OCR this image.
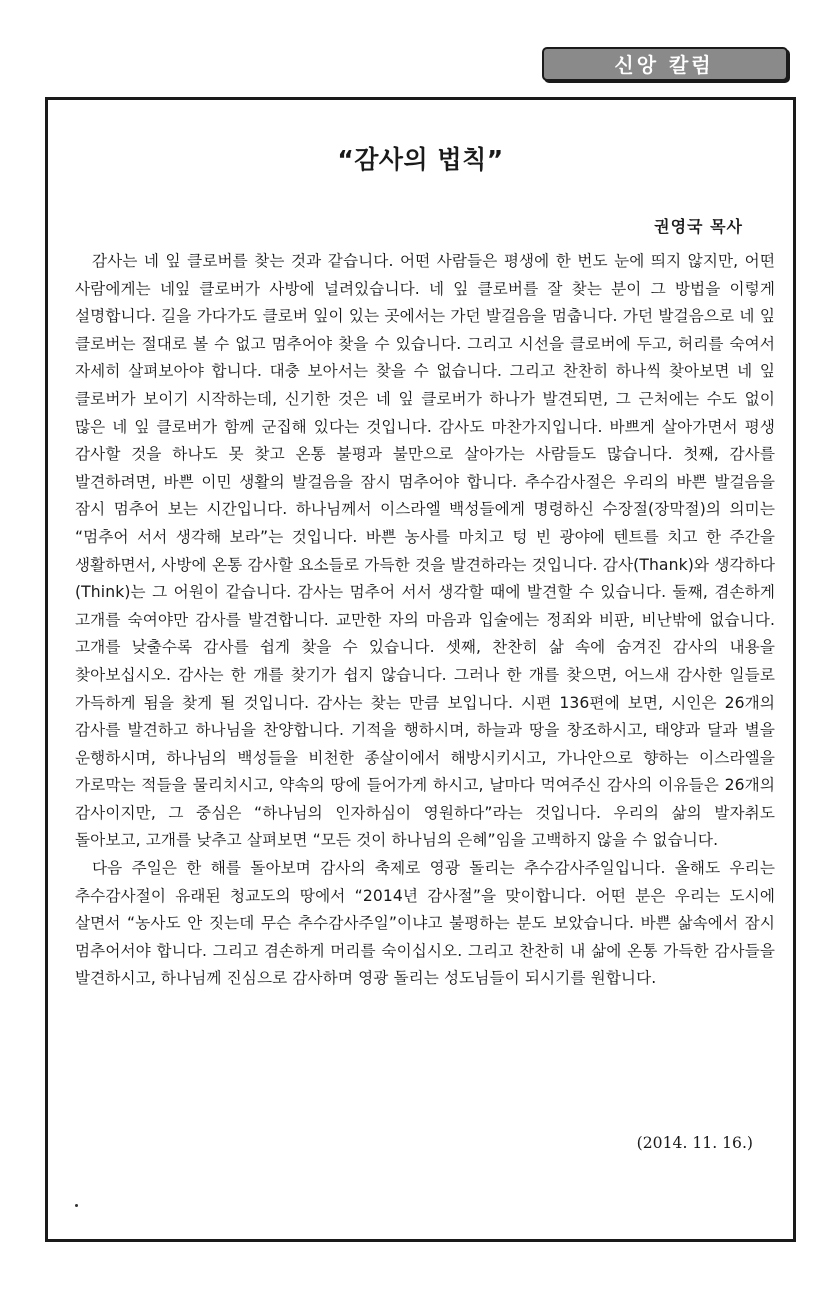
신앙 칼럼
“감사의 법칙”
권영국 목사

감사는 네 잎 클로버를 찾는 것과 같습니다. 어떤 사람들은 평생에 한 번도 눈에 띄지 않지만, 어떤 사람에게는 네잎 클로버가 사방에 널려있습니다. 네 잎 클로버를 잘 찾는 분이 그 방법을 이렇게 설명합니다. 길을 가다가도 클로버 잎이 있는 곳에서는 가던 발걸음을 멈춥니다. 가던 발걸음으로 네 잎 클로버는 절대로 볼 수 없고 멈추어야 찾을 수 있습니다. 그리고 시선을 클로버에 두고, 허리를 숙여서 자세히 살펴보아야 합니다. 대충 보아서는 찾을 수 없습니다. 그리고 찬찬히 하나씩 찾아보면 네 잎 클로버가 보이기 시작하는데, 신기한 것은 네 잎 클로버가 하나가 발견되면, 그 근처에는 수도 없이 많은 네 잎 클로버가 함께 군집해 있다는 것입니다. 감사도 마찬가지입니다. 바쁘게 살아가면서 평생 감사할 것을 하나도 못 찾고 온통 불평과 불만으로 살아가는 사람들도 많습니다. 첫째, 감사를 발견하려면, 바쁜 이민 생활의 발걸음을 잠시 멈추어야 합니다. 추수감사절은 우리의 바쁜 발걸음을 잠시 멈추어 보는 시간입니다. 하나님께서 이스라엘 백성들에게 명령하신 수장절(장막절)의 의미는 “멈추어 서서 생각해 보라”는 것입니다. 바쁜 농사를 마치고 텅 빈 광야에 텐트를 치고 한 주간을 생활하면서, 사방에 온통 감사할 요소들로 가득한 것을 발견하라는 것입니다. 감사(Thank)와 생각하다(Think)는 그 어원이 같습니다. 감사는 멈추어 서서 생각할 때에 발견할 수 있습니다. 둘째, 겸손하게 고개를 숙여야만 감사를 발견합니다. 교만한 자의 마음과 입술에는 정죄와 비판, 비난밖에 없습니다. 고개를 낮출수록 감사를 쉽게 찾을 수 있습니다. 셋째, 찬찬히 삶 속에 숨겨진 감사의 내용을 찾아보십시오. 감사는 한 개를 찾기가 쉽지 않습니다. 그러나 한 개를 찾으면, 어느새 감사한 일들로 가득하게 됨을 찾게 될 것입니다. 감사는 찾는 만큼 보입니다. 시편 136편에 보면, 시인은 26개의 감사를 발견하고 하나님을 찬양합니다. 기적을 행하시며, 하늘과 땅을 창조하시고, 태양과 달과 별을 운행하시며, 하나님의 백성들을 비천한 종살이에서 해방시키시고, 가나안으로 향하는 이스라엘을 가로막는 적들을 물리치시고, 약속의 땅에 들어가게 하시고, 날마다 먹여주신 감사의 이유들은 26개의 감사이지만, 그 중심은 “하나님의 인자하심이 영원하다”라는 것입니다. 우리의 삶의 발자취도 돌아보고, 고개를 낮추고 살펴보면 “모든 것이 하나님의 은혜”임을 고백하지 않을 수 없습니다.

다음 주일은 한 해를 돌아보며 감사의 축제로 영광 돌리는 추수감사주일입니다. 올해도 우리는 추수감사절이 유래된 청교도의 땅에서 “2014년 감사절”을 맞이합니다. 어떤 분은 우리는 도시에 살면서 “농사도 안 짓는데 무슨 추수감사주일”이냐고 불평하는 분도 보았습니다. 바쁜 삶속에서 잠시 멈추어서야 합니다. 그리고 겸손하게 머리를 숙이십시오. 그리고 찬찬히 내 삶에 온통 가득한 감사들을 발견하시고, 하나님께 진심으로 감사하며 영광 돌리는 성도님들이 되시기를 원합니다.

(2014. 11. 16.)
